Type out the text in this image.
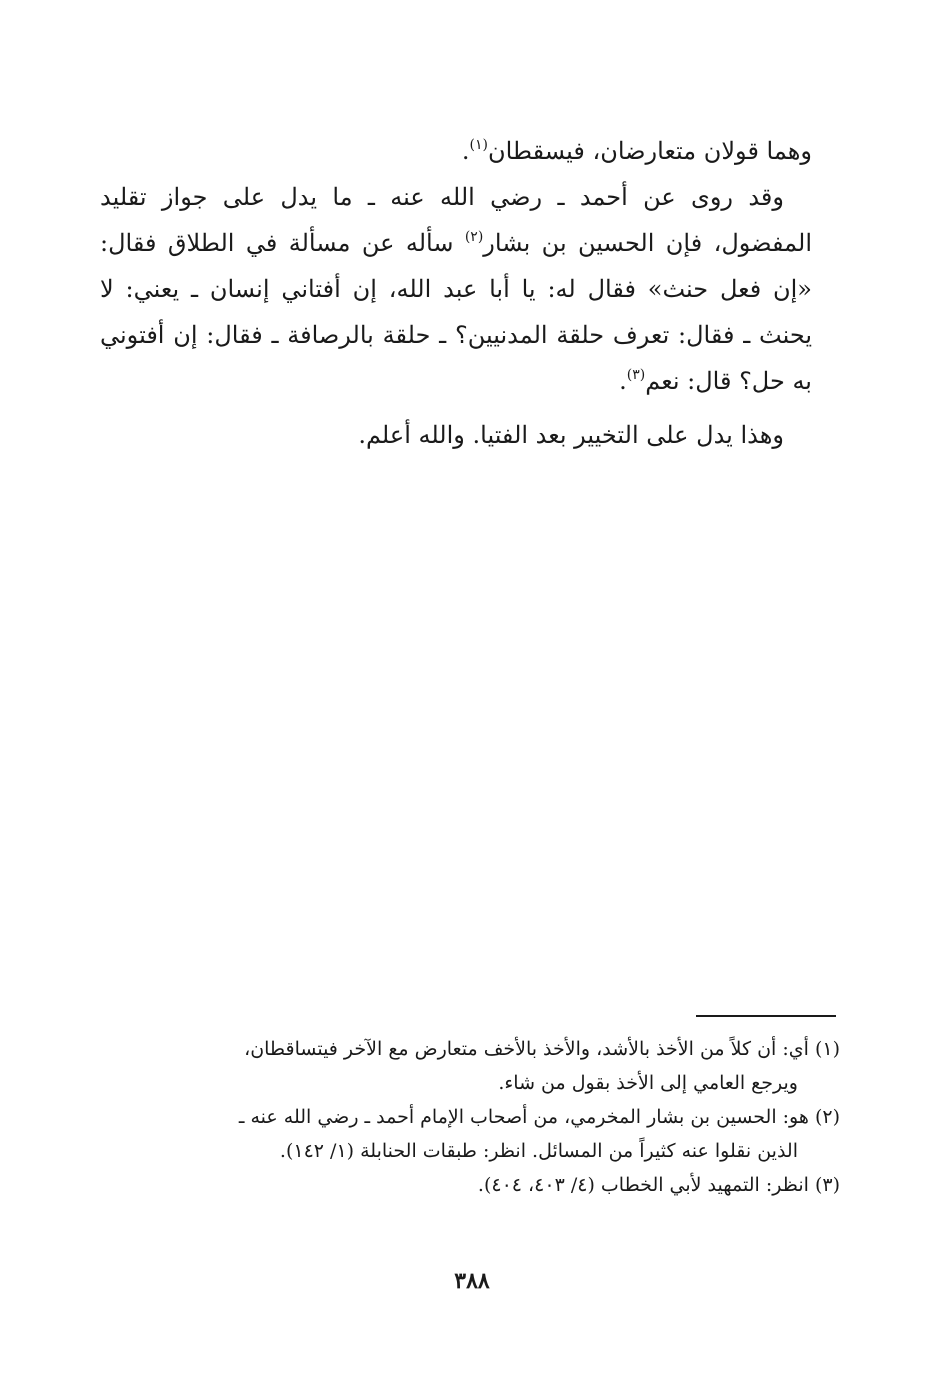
وهما قولان متعارضان، فيسقطان$^{(١)}$.

وقد روى عن أحمد ـ رضي الله عنه ـ ما يدل على جواز تقليد المفضول، فإن الحسين بن بشار$^{(٢)}$ سأله عن مسألة في الطلاق فقال: «إن فعل حنث» فقال له: يا أبا عبد الله، إن أفتاني إنسان ـ يعني: لا يحنث ـ فقال: تعرف حلقة المدنيين؟ ـ حلقة بالرصافة ـ فقال: إن أفتوني به حل؟ قال: نعم$^{(٣)}$.

وهذا يدل على التخيير بعد الفتيا. والله أعلم.

(١) أي: أن كلاً من الأخذ بالأشد، والأخذ بالأخف متعارض مع الآخر فيتساقطان،
ويرجع العامي إلى الأخذ بقول من شاء.

(٢) هو: الحسين بن بشار المخرمي، من أصحاب الإمام أحمد ـ رضي الله عنه ـ
الذين نقلوا عنه كثيراً من المسائل. انظر: طبقات الحنابلة (١/ ١٤٢).

(٣) انظر: التمهيد لأبي الخطاب (٤/ ٤٠٣، ٤٠٤).

٣٨٨
